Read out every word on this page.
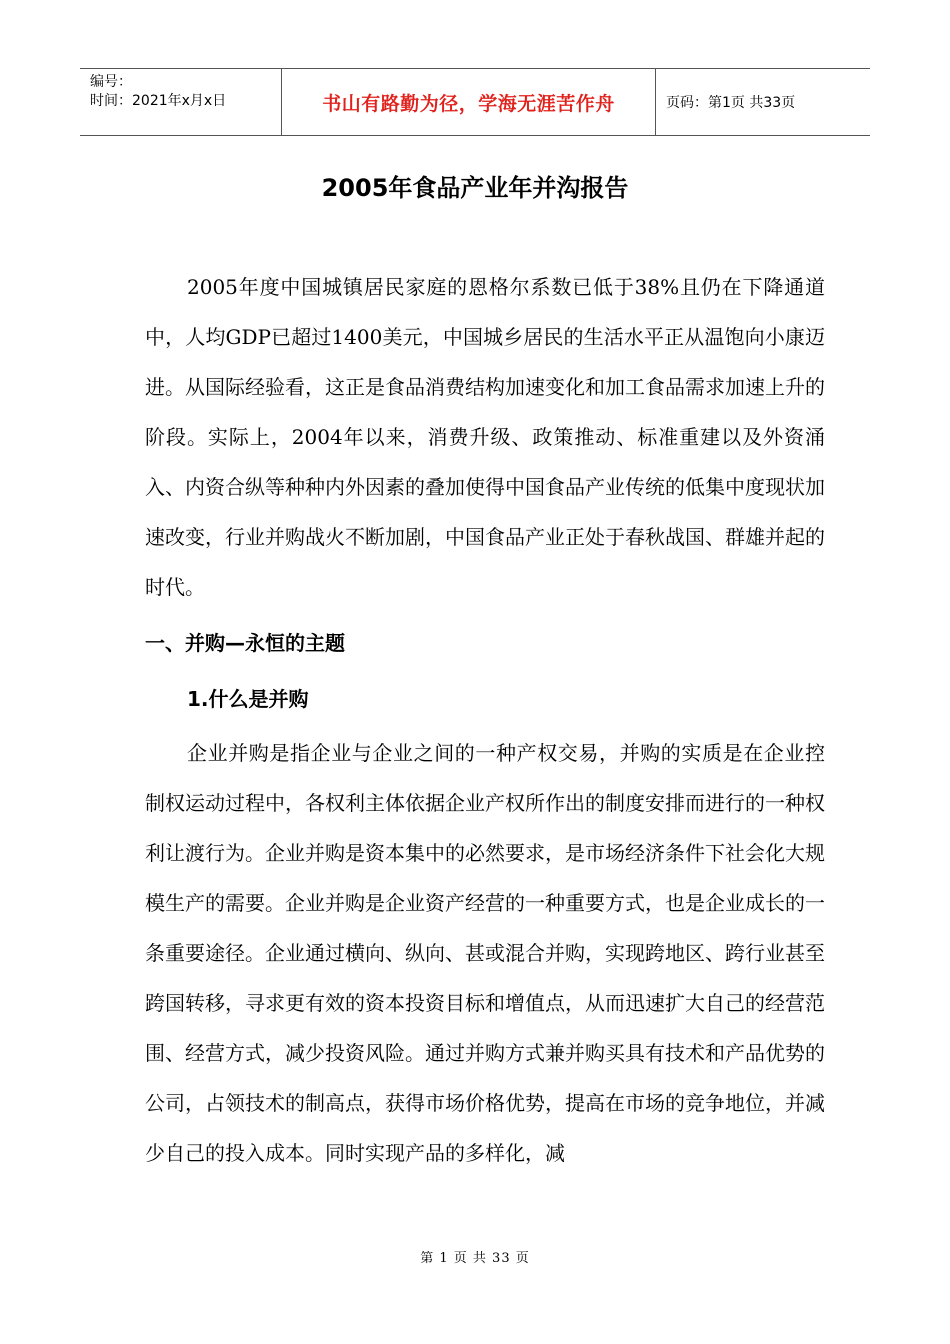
编号：
时间：2021年x月x日	书山有路勤为径，学海无涯苦作舟	页码：第1页 共33页
2005年食品产业年并沟报告

2005年度中国城镇居民家庭的恩格尔系数已低于38%且仍在下降通道中，人均GDP已超过1400美元，中国城乡居民的生活水平正从温饱向小康迈进。从国际经验看，这正是食品消费结构加速变化和加工食品需求加速上升的阶段。实际上，2004年以来，消费升级、政策推动、标准重建以及外资涌入、内资合纵等种种内外因素的叠加使得中国食品产业传统的低集中度现状加速改变，行业并购战火不断加剧，中国食品产业正处于春秋战国、群雄并起的时代。

一、并购—永恒的主题
1.什么是并购

企业并购是指企业与企业之间的一种产权交易，并购的实质是在企业控制权运动过程中，各权利主体依据企业产权所作出的制度安排而进行的一种权利让渡行为。企业并购是资本集中的必然要求，是市场经济条件下社会化大规模生产的需要。企业并购是企业资产经营的一种重要方式，也是企业成长的一条重要途径。企业通过横向、纵向、甚或混合并购，实现跨地区、跨行业甚至跨国转移，寻求更有效的资本投资目标和增值点，从而迅速扩大自己的经营范围、经营方式，减少投资风险。通过并购方式兼并购买具有技术和产品优势的公司，占领技术的制高点，获得市场价格优势，提高在市场的竞争地位，并减少自己的投入成本。同时实现产品的多样化，减

第 1 页 共 33 页
